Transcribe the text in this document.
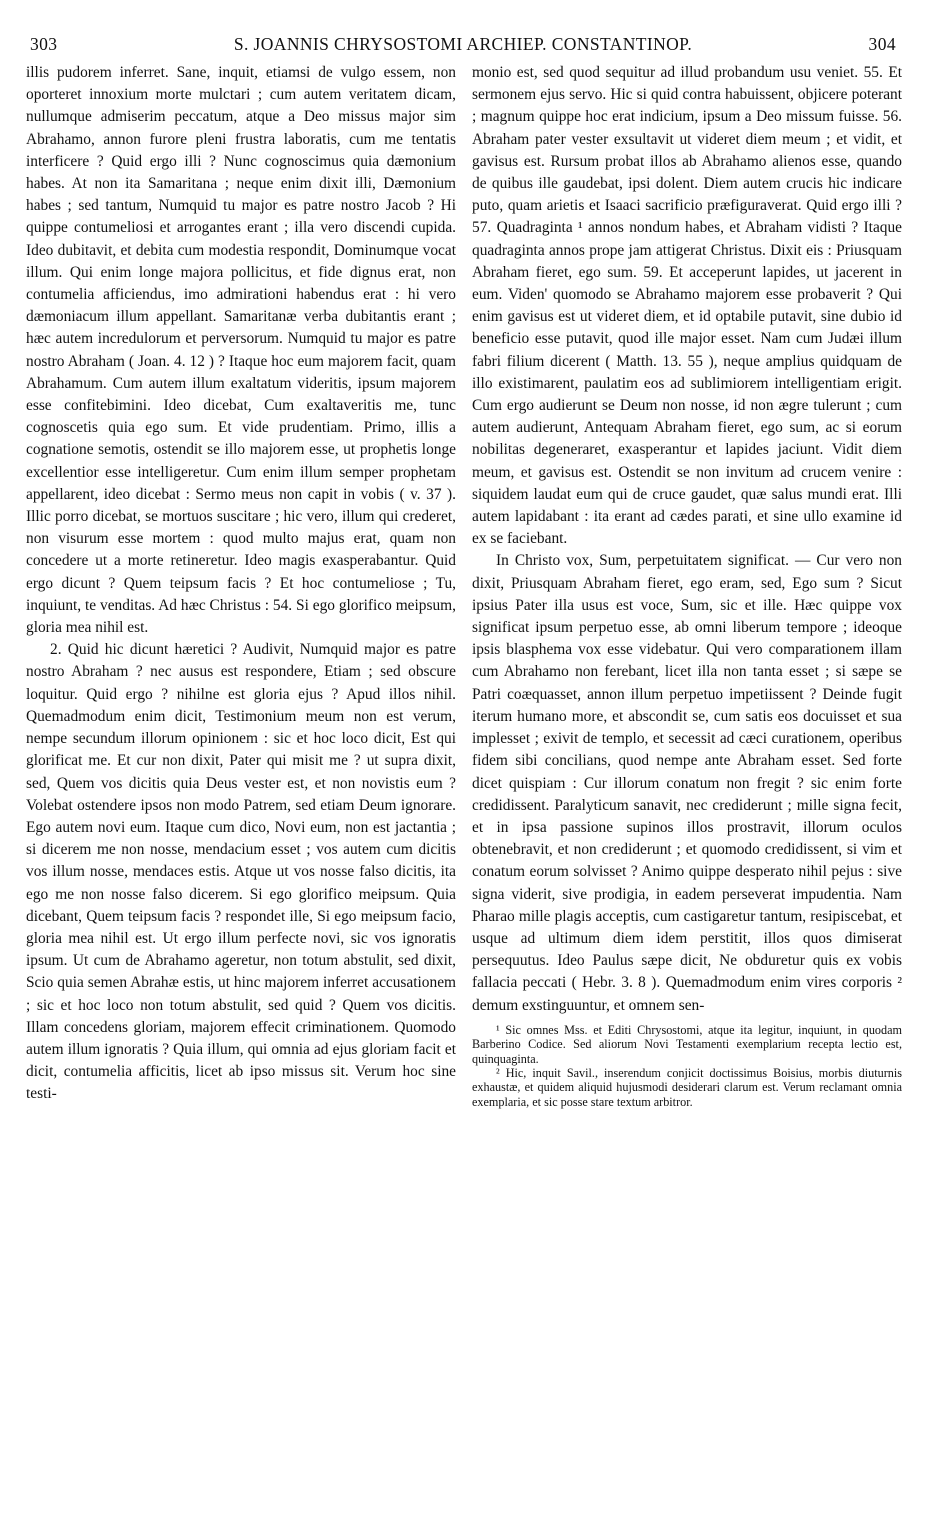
303	S. JOANNIS CHRYSOSTOMI ARCHIEP. CONSTANTINOP.	304

illis pudorem inferret. Sane, inquit, etiamsi de vulgo essem, non oporteret innoxium morte mulctari ; cum autem veritatem dicam, nullumque admiserim peccatum, atque a Deo missus major sim Abrahamo, annon furore pleni frustra laboratis, cum me tentatis interficere ? Quid ergo illi ? Nunc cognoscimus quia dæmonium habes. At non ita Samaritana ; neque enim dixit illi, Dæmonium habes ; sed tantum, Numquid tu major es patre nostro Jacob ? Hi quippe contumeliosi et arrogantes erant ; illa vero discendi cupida. Ideo dubitavit, et debita cum modestia respondit, Dominumque vocat illum. Qui enim longe majora pollicitus, et fide dignus erat, non contumelia afficiendus, imo admirationi habendus erat : hi vero dæmoniacum illum appellant. Samaritanæ verba dubitantis erant ; hæc autem incredulorum et perversorum. Numquid tu major es patre nostro Abraham ( Joan. 4. 12 ) ? Itaque hoc eum majorem facit, quam Abrahamum. Cum autem illum exaltatum videritis, ipsum majorem esse confitebimini. Ideo dicebat, Cum exaltaveritis me, tunc cognoscetis quia ego sum. Et vide prudentiam. Primo, illis a cognatione semotis, ostendit se illo majorem esse, ut prophetis longe excellentior esse intelligeretur. Cum enim illum semper prophetam appellarent, ideo dicebat : Sermo meus non capit in vobis ( v. 37 ). Illic porro dicebat, se mortuos suscitare ; hic vero, illum qui crederet, non visurum esse mortem : quod multo majus erat, quam non concedere ut a morte retineretur. Ideo magis exasperabantur. Quid ergo dicunt ? Quem teipsum facis ? Et hoc contumeliose ; Tu, inquiunt, te venditas. Ad hæc Christus : 54. Si ego glorifico meipsum, gloria mea nihil est.

2. Quid hic dicunt hæretici ? Audivit, Numquid major es patre nostro Abraham ? nec ausus est respondere, Etiam ; sed obscure loquitur. Quid ergo ? nihilne est gloria ejus ? Apud illos nihil. Quemadmodum enim dicit, Testimonium meum non est verum, nempe secundum illorum opinionem : sic et hoc loco dicit, Est qui glorificat me. Et cur non dixit, Pater qui misit me ? ut supra dixit, sed, Quem vos dicitis quia Deus vester est, et non novistis eum ? Volebat ostendere ipsos non modo Patrem, sed etiam Deum ignorare. Ego autem novi eum. Itaque cum dico, Novi eum, non est jactantia ; si dicerem me non nosse, mendacium esset ; vos autem cum dicitis vos illum nosse, mendaces estis. Atque ut vos nosse falso dicitis, ita ego me non nosse falso dicerem. Si ego glorifico meipsum. Quia dicebant, Quem teipsum facis ? respondet ille, Si ego meipsum facio, gloria mea nihil est. Ut ergo illum perfecte novi, sic vos ignoratis ipsum. Ut cum de Abrahamo ageretur, non totum abstulit, sed dixit, Scio quia semen Abrahæ estis, ut hinc majorem inferret accusationem ; sic et hoc loco non totum abstulit, sed quid ? Quem vos dicitis. Illam concedens gloriam, majorem effecit criminationem. Quomodo autem illum ignoratis ? Quia illum, qui omnia ad ejus gloriam facit et dicit, contumelia afficitis, licet ab ipso missus sit. Verum hoc sine testi-

monio est, sed quod sequitur ad illud probandum usu veniet. 55. Et sermonem ejus servo. Hic si quid contra habuissent, objicere poterant ; magnum quippe hoc erat indicium, ipsum a Deo missum fuisse. 56. Abraham pater vester exsultavit ut videret diem meum ; et vidit, et gavisus est. Rursum probat illos ab Abrahamo alienos esse, quando de quibus ille gaudebat, ipsi dolent. Diem autem crucis hic indicare puto, quam arietis et Isaaci sacrificio præfiguraverat. Quid ergo illi ? 57. Quadraginta ¹ annos nondum habes, et Abraham vidisti ? Itaque quadraginta annos prope jam attigerat Christus. Dixit eis : Priusquam Abraham fieret, ego sum. 59. Et acceperunt lapides, ut jacerent in eum. Viden' quomodo se Abrahamo majorem esse probaverit ? Qui enim gavisus est ut videret diem, et id optabile putavit, sine dubio id beneficio esse putavit, quod ille major esset. Nam cum Judæi illum fabri filium dicerent ( Matth. 13. 55 ), neque amplius quidquam de illo existimarent, paulatim eos ad sublimiorem intelligentiam erigit. Cum ergo audierunt se Deum non nosse, id non ægre tulerunt ; cum autem audierunt, Antequam Abraham fieret, ego sum, ac si eorum nobilitas degeneraret, exasperantur et lapides jaciunt. Vidit diem meum, et gavisus est. Ostendit se non invitum ad crucem venire : siquidem laudat eum qui de cruce gaudet, quæ salus mundi erat. Illi autem lapidabant : ita erant ad cædes parati, et sine ullo examine id ex se faciebant.

In Christo vox, Sum, perpetuitatem significat. — Cur vero non dixit, Priusquam Abraham fieret, ego eram, sed, Ego sum ? Sicut ipsius Pater illa usus est voce, Sum, sic et ille. Hæc quippe vox significat ipsum perpetuo esse, ab omni liberum tempore ; ideoque ipsis blasphema vox esse videbatur. Qui vero comparationem illam cum Abrahamo non ferebant, licet illa non tanta esset ; si sæpe se Patri coæquasset, annon illum perpetuo impetiissent ? Deinde fugit iterum humano more, et abscondit se, cum satis eos docuisset et sua implesset ; exivit de templo, et secessit ad cæci curationem, operibus fidem sibi concilians, quod nempe ante Abraham esset. Sed forte dicet quispiam : Cur illorum conatum non fregit ? sic enim forte credidissent. Paralyticum sanavit, nec crediderunt ; mille signa fecit, et in ipsa passione supinos illos prostravit, illorum oculos obtenebravit, et non crediderunt ; et quomodo credidissent, si vim et conatum eorum solvisset ? Animo quippe desperato nihil pejus : sive signa viderit, sive prodigia, in eadem perseverat impudentia. Nam Pharao mille plagis acceptis, cum castigaretur tantum, resipiscebat, et usque ad ultimum diem idem perstitit, illos quos dimiserat persequutus. Ideo Paulus sæpe dicit, Ne obduretur quis ex vobis fallacia peccati ( Hebr. 3. 8 ). Quemadmodum enim vires corporis ² demum exstinguuntur, et omnem sen-

¹ Sic omnes Mss. et Editi Chrysostomi, atque ita legitur, inquiunt, in quodam Barberino Codice. Sed aliorum Novi Testamenti exemplarium recepta lectio est, quinquaginta.

² Hic, inquit Savil., inserendum conjicit doctissimus Boisius, morbis diuturnis exhaustæ, et quidem aliquid hujusmodi desiderari clarum est. Verum reclamant omnia exemplaria, et sic posse stare textum arbitror.
